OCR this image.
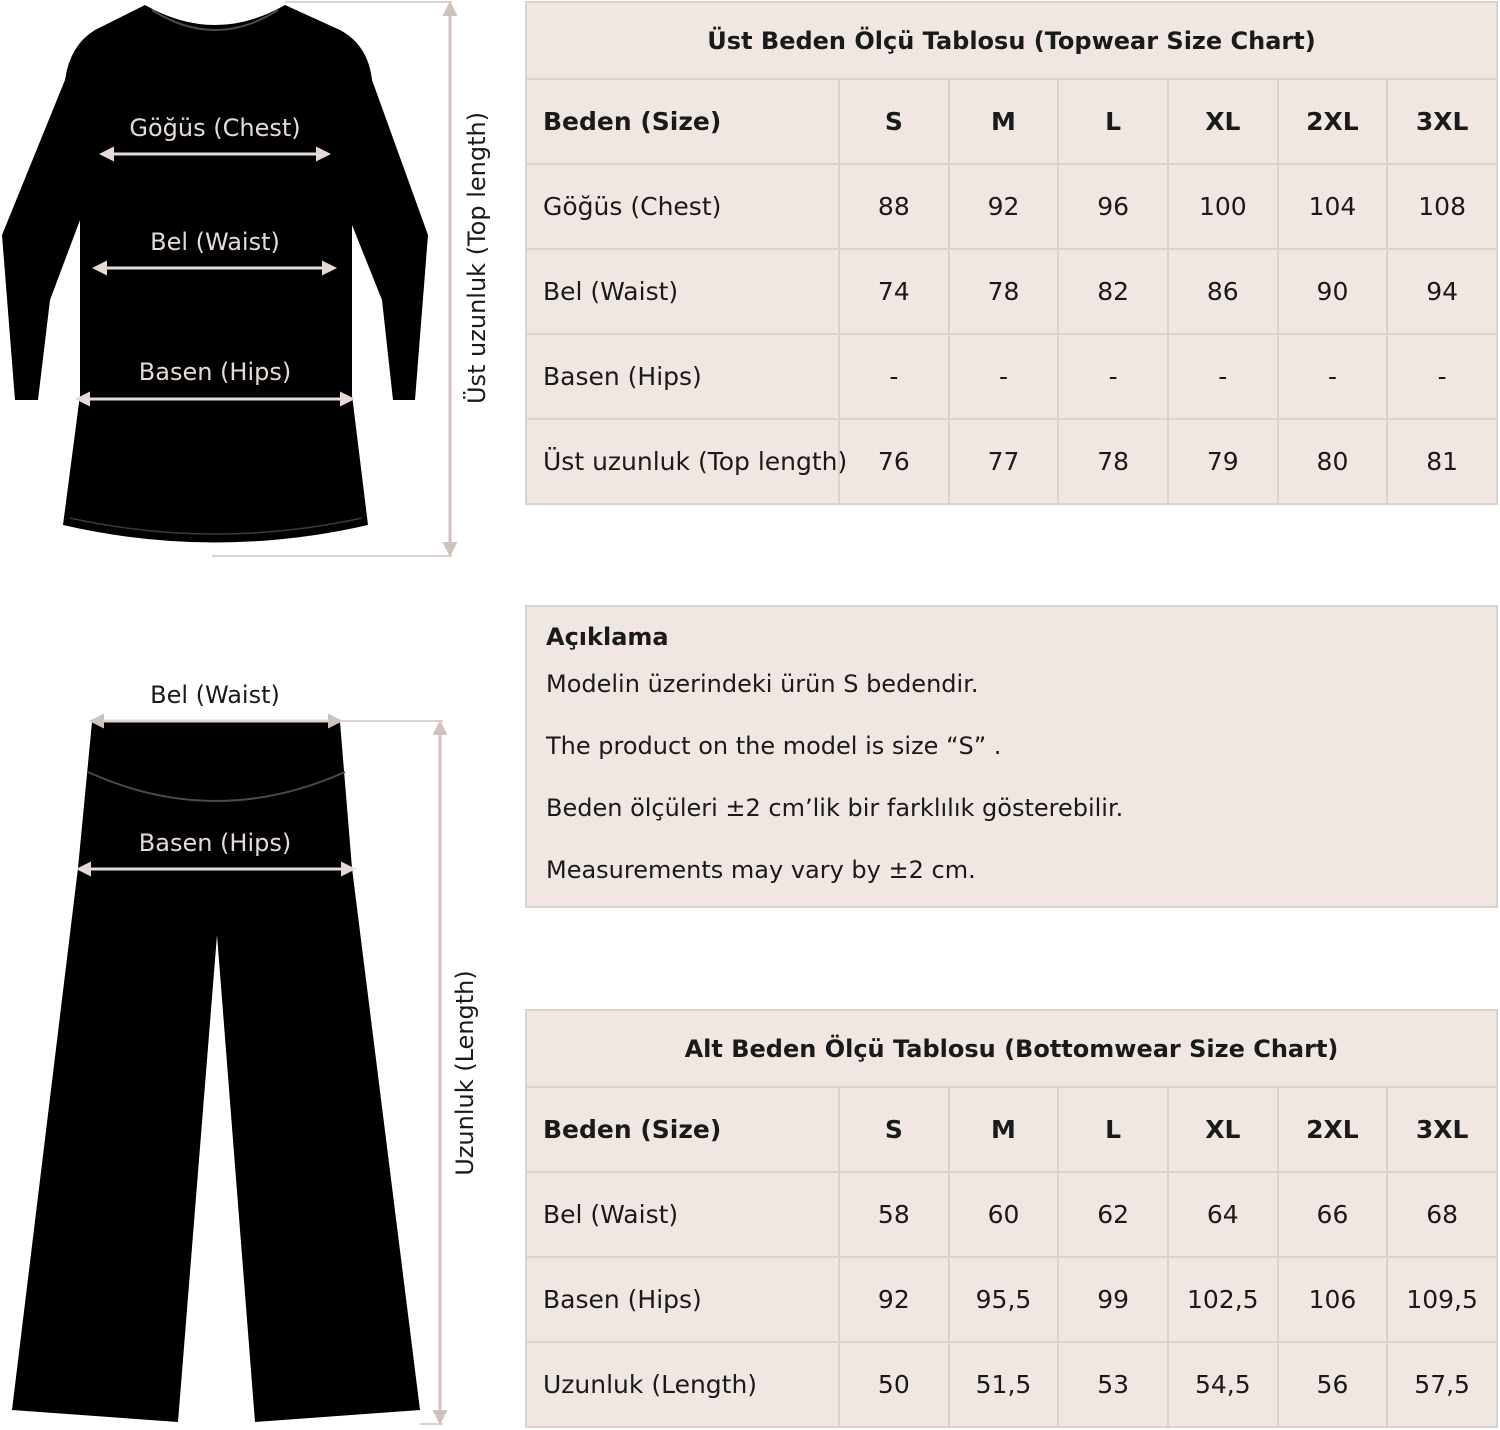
Göğüs (Chest)
Bel (Waist)
Basen (Hips)	Üst uzunluk (Top length)
Bel (Waist)
Basen (Hips)
Uzunluk (Length)
Üst Beden Ölçü Tablosu (Topwear Size Chart)						
Beden (Size)	S	M	L	XL	2XL	3XL
Göğüs (Chest)	88	92	96	100	104	108
Bel (Waist)	74	78	82	86	90	94
Basen (Hips)	-	-	-	-	-	-
Üst uzunluk (Top length)	76	77	78	79	80	81
Açıklama
Modelin üzerindeki ürün S bedendir.
The product on the model is size “S” .
Beden ölçüleri ±2 cm’lik bir farklılık gösterebilir.
Measurements may vary by ±2 cm.
Alt Beden Ölçü Tablosu (Bottomwear Size Chart)						
Beden (Size)	S	M	L	XL	2XL	3XL
Bel (Waist)	58	60	62	64	66	68
Basen (Hips)	92	95,5	99	102,5	106	109,5
Uzunluk (Length)	50	51,5	53	54,5	56	57,5
